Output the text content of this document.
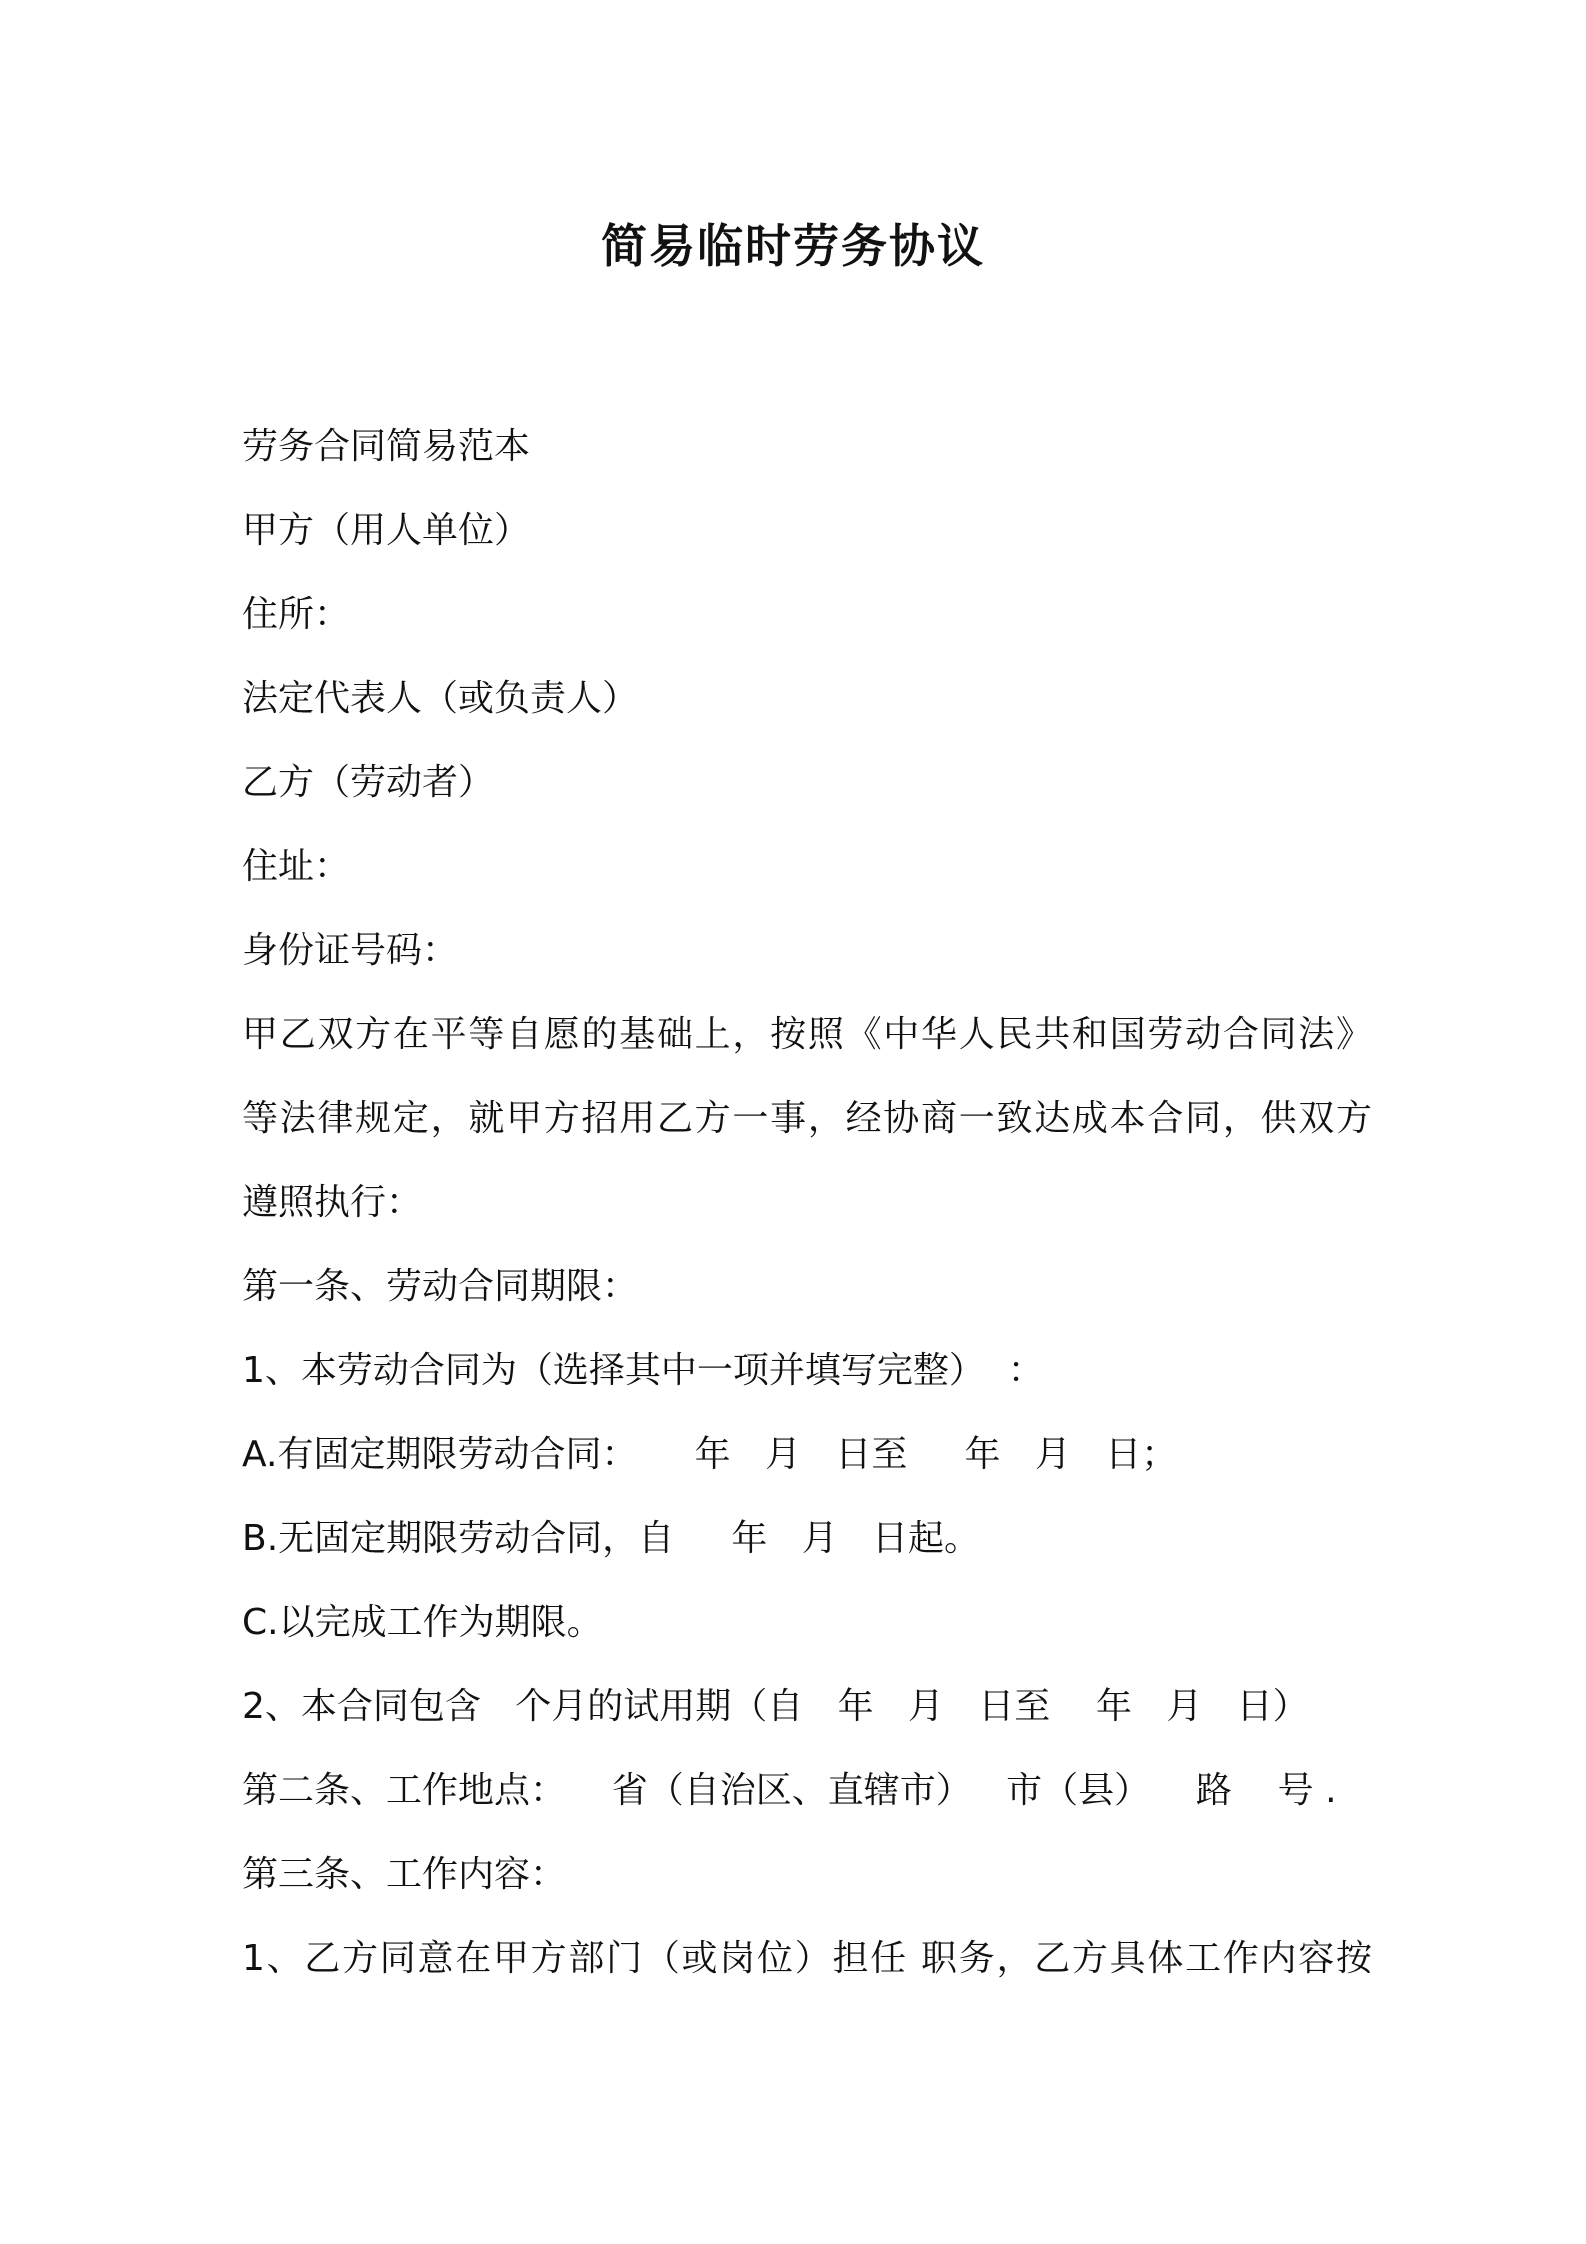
简易临时劳务协议
劳务合同简易范本
甲方（用人单位）
住所：
法定代表人（或负责人）
乙方（劳动者）
住址：
身份证号码：
甲乙双方在平等自愿的基础上，按照《中华人民共和国劳动合同法》
等法律规定，就甲方招用乙方一事，经协商一致达成本合同，供双方
遵照执行：
第一条、劳动合同期限：
1、本劳动合同为（选择其中一项并填写完整）  ：
A.有固定期限劳动合同：     年   月   日至     年   月   日；
B.无固定期限劳动合同，自     年   月   日起。
C.以完成工作为期限。
2、本合同包含   个月的试用期（自   年   月   日至    年   月   日）
第二条、工作地点：    省（自治区、直辖市）   市（县）    路    号 .
第三条、工作内容：
1、乙方同意在甲方部门（或岗位）担任 职务，乙方具体工作内容按
